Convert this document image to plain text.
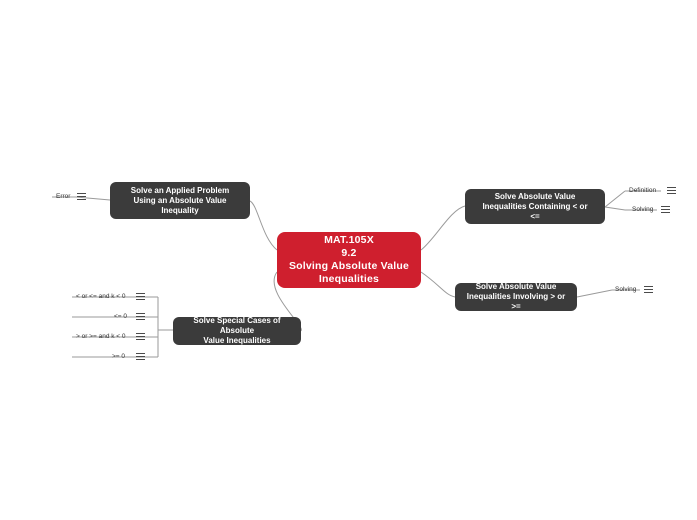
MAT.105X
9.2
Solving Absolute Value
Inequalities
Solve an Applied Problem
Using an Absolute Value
Inequality
Error	Solve Absolute Value
Inequalities Containing < or
<=
Definition
Solving
Solve Absolute Value
Inequalities Involving > or >=
Solving
Solve Special Cases of Absolute
Value Inequalities
< or <= and k < 0
<= 0
> or >= and k < 0
>= 0
